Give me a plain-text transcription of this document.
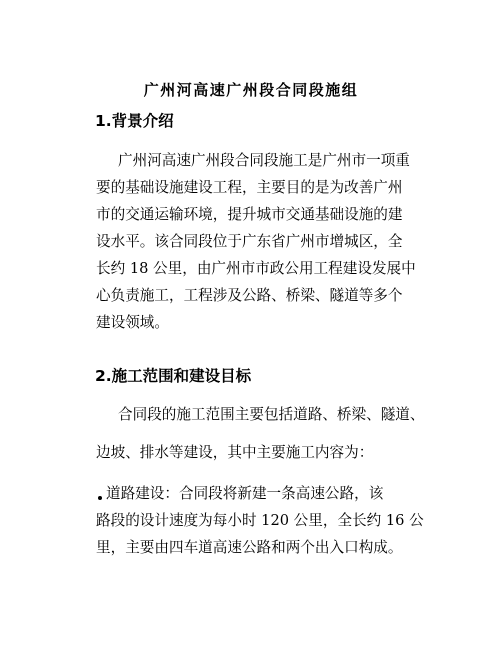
广州河高速广州段合同段施组
1.背景介绍
广州河高速广州段合同段施工是广州市一项重
要的基础设施建设工程，主要目的是为改善广州
市的交通运输环境，提升城市交通基础设施的建
设水平。该合同段位于广东省广州市增城区，全
长约 18 公里，由广州市市政公用工程建设发展中
心负责施工，工程涉及公路、桥梁、隧道等多个
建设领域。
2.施工范围和建设目标
合同段的施工范围主要包括道路、桥梁、隧道、
边坡、排水等建设，其中主要施工内容为：
道路建设：合同段将新建一条高速公路，该
路段的设计速度为每小时 120 公里，全长约 16 公
里，主要由四车道高速公路和两个出入口构成。
